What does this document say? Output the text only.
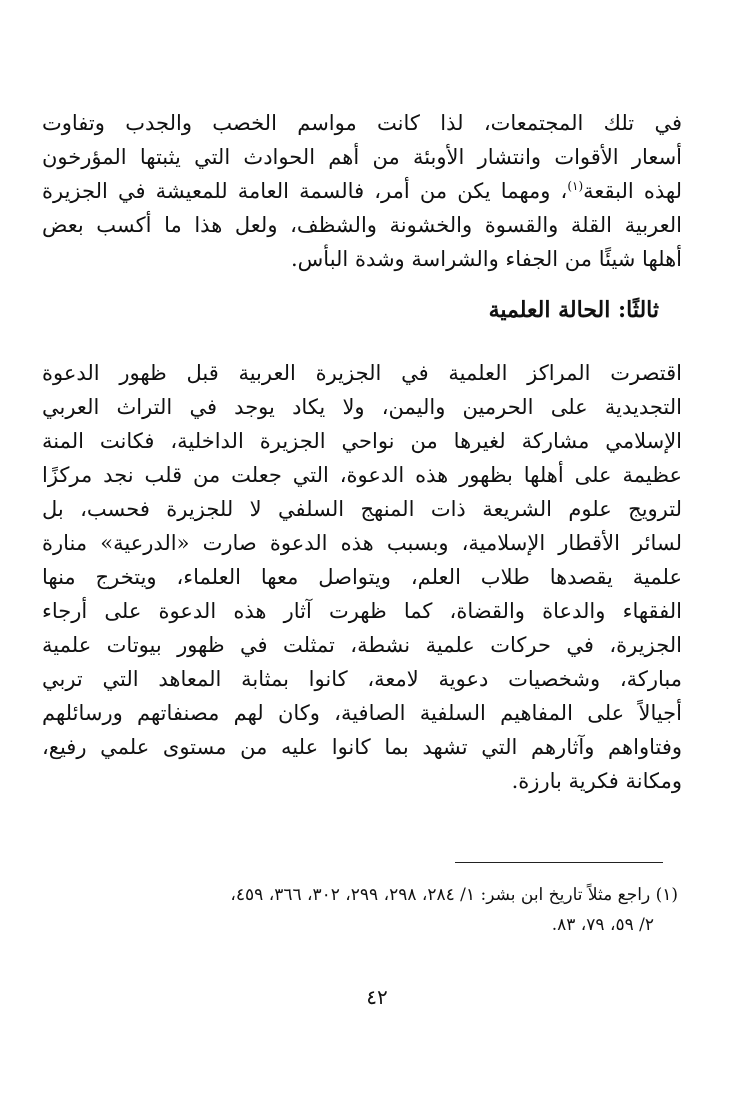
في تلك المجتمعات، لذا كانت مواسم الخصب والجدب وتفاوت
أسعار الأقوات وانتشار الأوبئة من أهم الحوادث التي يثبتها المؤرخون
لهذه البقعة$^{(١)}$، ومهما يكن من أمر، فالسمة العامة للمعيشة في الجزيرة
العربية القلة والقسوة والخشونة والشظف، ولعل هذا ما أكسب بعض
أهلها شيئًا من الجفاء والشراسة وشدة البأس.
ثالثًا: الحالة العلمية
اقتصرت المراكز العلمية في الجزيرة العربية قبل ظهور الدعوة
التجديدية على الحرمين واليمن، ولا يكاد يوجد في التراث العربي
الإسلامي مشاركة لغيرها من نواحي الجزيرة الداخلية، فكانت المنة
عظيمة على أهلها بظهور هذه الدعوة، التي جعلت من قلب نجد مركزًا
لترويج علوم الشريعة ذات المنهج السلفي لا للجزيرة فحسب، بل
لسائر الأقطار الإسلامية، وبسبب هذه الدعوة صارت «الدرعية» منارة
علمية يقصدها طلاب العلم، ويتواصل معها العلماء، ويتخرج منها
الفقهاء والدعاة والقضاة، كما ظهرت آثار هذه الدعوة على أرجاء
الجزيرة، في حركات علمية نشطة، تمثلت في ظهور بيوتات علمية
مباركة، وشخصيات دعوية لامعة، كانوا بمثابة المعاهد التي تربي
أجيالاً على المفاهيم السلفية الصافية، وكان لهم مصنفاتهم ورسائلهم
وفتاواهم وآثارهم التي تشهد بما كانوا عليه من مستوى علمي رفيع،
ومكانة فكرية بارزة.
(١) راجع مثلاً تاريخ ابن بشر: ١/ ٢٨٤، ٢٩٨، ٢٩٩، ٣٠٢، ٣٦٦، ٤٥٩،
٢/ ٥٩، ٧٩، ٨٣.
٤٢
